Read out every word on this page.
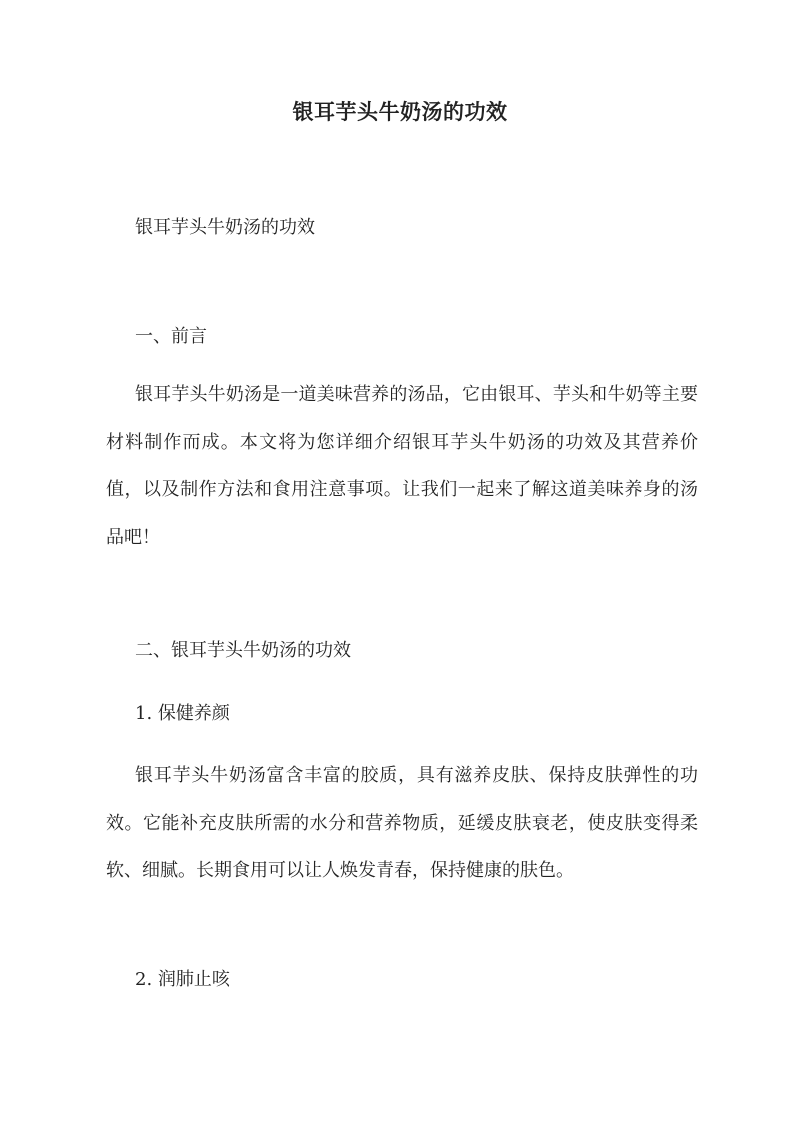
银耳芋头牛奶汤的功效
银耳芋头牛奶汤的功效
一、前言
银耳芋头牛奶汤是一道美味营养的汤品，它由银耳、芋头和牛奶等主要材料制作而成。本文将为您详细介绍银耳芋头牛奶汤的功效及其营养价值，以及制作方法和食用注意事项。让我们一起来了解这道美味养身的汤品吧！
二、银耳芋头牛奶汤的功效
1. 保健养颜
银耳芋头牛奶汤富含丰富的胶质，具有滋养皮肤、保持皮肤弹性的功效。它能补充皮肤所需的水分和营养物质，延缓皮肤衰老，使皮肤变得柔软、细腻。长期食用可以让人焕发青春，保持健康的肤色。
2. 润肺止咳
